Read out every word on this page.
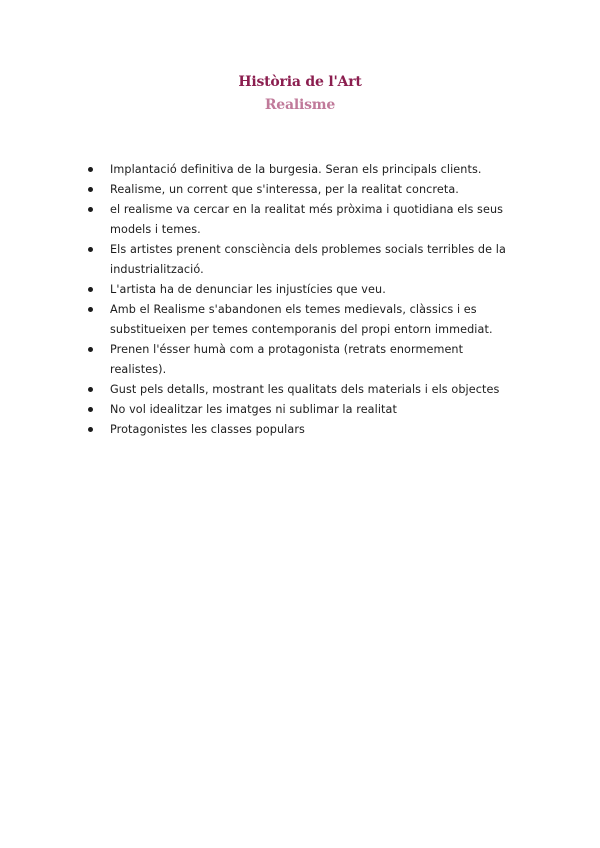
Història de l'Art
Realisme
Implantació definitiva de la burgesia. Seran els principals clients.
Realisme, un corrent que s'interessa, per la realitat concreta.
el realisme va cercar en la realitat més pròxima i quotidiana els seus models i temes.
Els artistes prenent consciència dels problemes socials terribles de la industrialització.
L'artista ha de denunciar les injustícies que veu.
Amb el Realisme s'abandonen els temes medievals, clàssics i es substitueixen per temes contemporanis del propi entorn immediat.
Prenen l'ésser humà com a protagonista (retrats enormement realistes).
Gust pels detalls, mostrant les qualitats dels materials i els objectes
No vol idealitzar les imatges ni sublimar la realitat
Protagonistes les classes populars
